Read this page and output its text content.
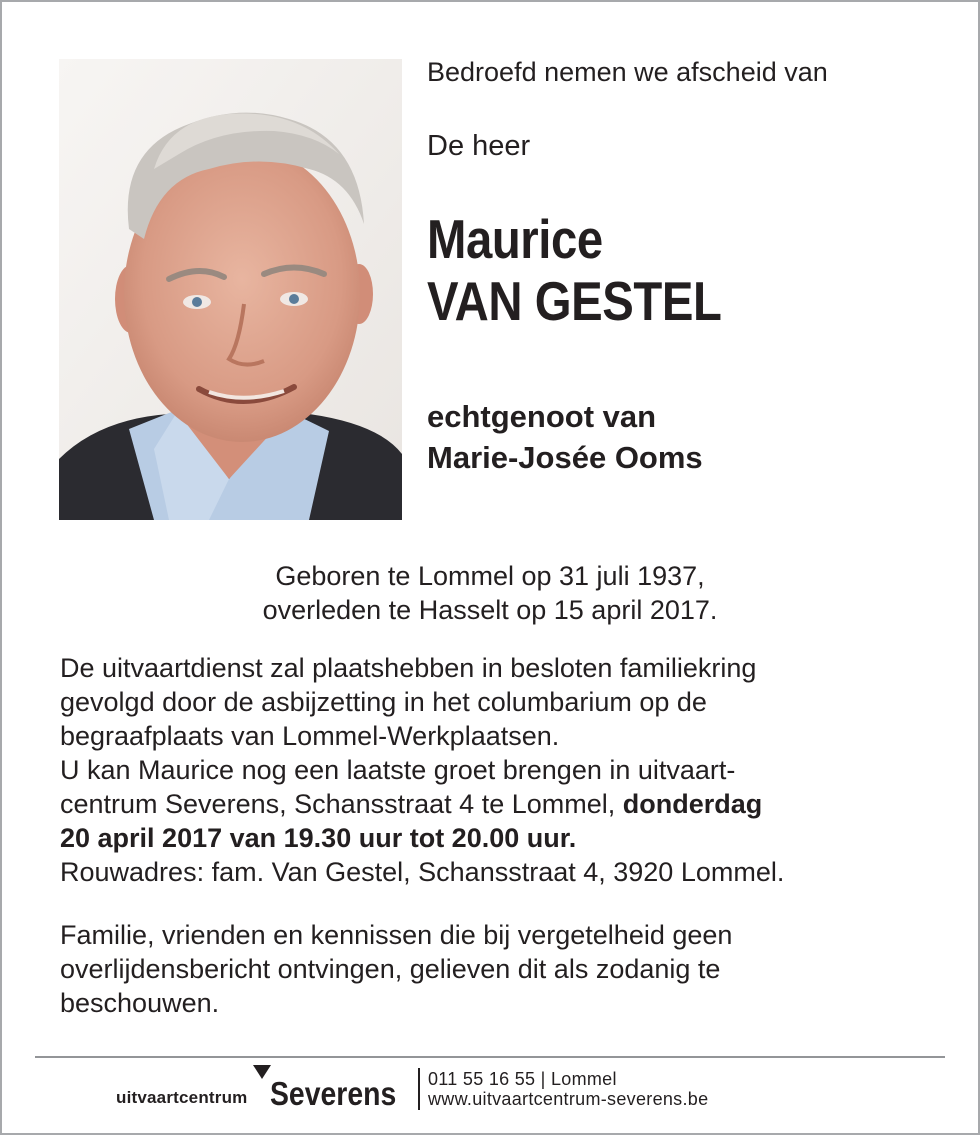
Bedroefd nemen we afscheid van
De heer
Maurice
VAN GESTEL
echtgenoot van
Marie-Josée Ooms
Geboren te Lommel op 31 juli 1937,
overleden te Hasselt op 15 april 2017.
De uitvaartdienst zal plaatshebben in besloten familiekring
gevolgd door de asbijzetting in het columbarium op de
begraafplaats van Lommel-Werkplaatsen.
U kan Maurice nog een laatste groet brengen in uitvaart-
centrum Severens, Schansstraat 4 te Lommel, donderdag
20 april 2017 van 19.30 uur tot 20.00 uur.
Rouwadres: fam. Van Gestel, Schansstraat 4, 3920 Lommel.
Familie, vrienden en kennissen die bij vergetelheid geen
overlijdensbericht ontvingen, gelieven dit als zodanig te
beschouwen.
uitvaartcentrum Severens 011 55 16 55 | Lommel
www.uitvaartcentrum-severens.be
